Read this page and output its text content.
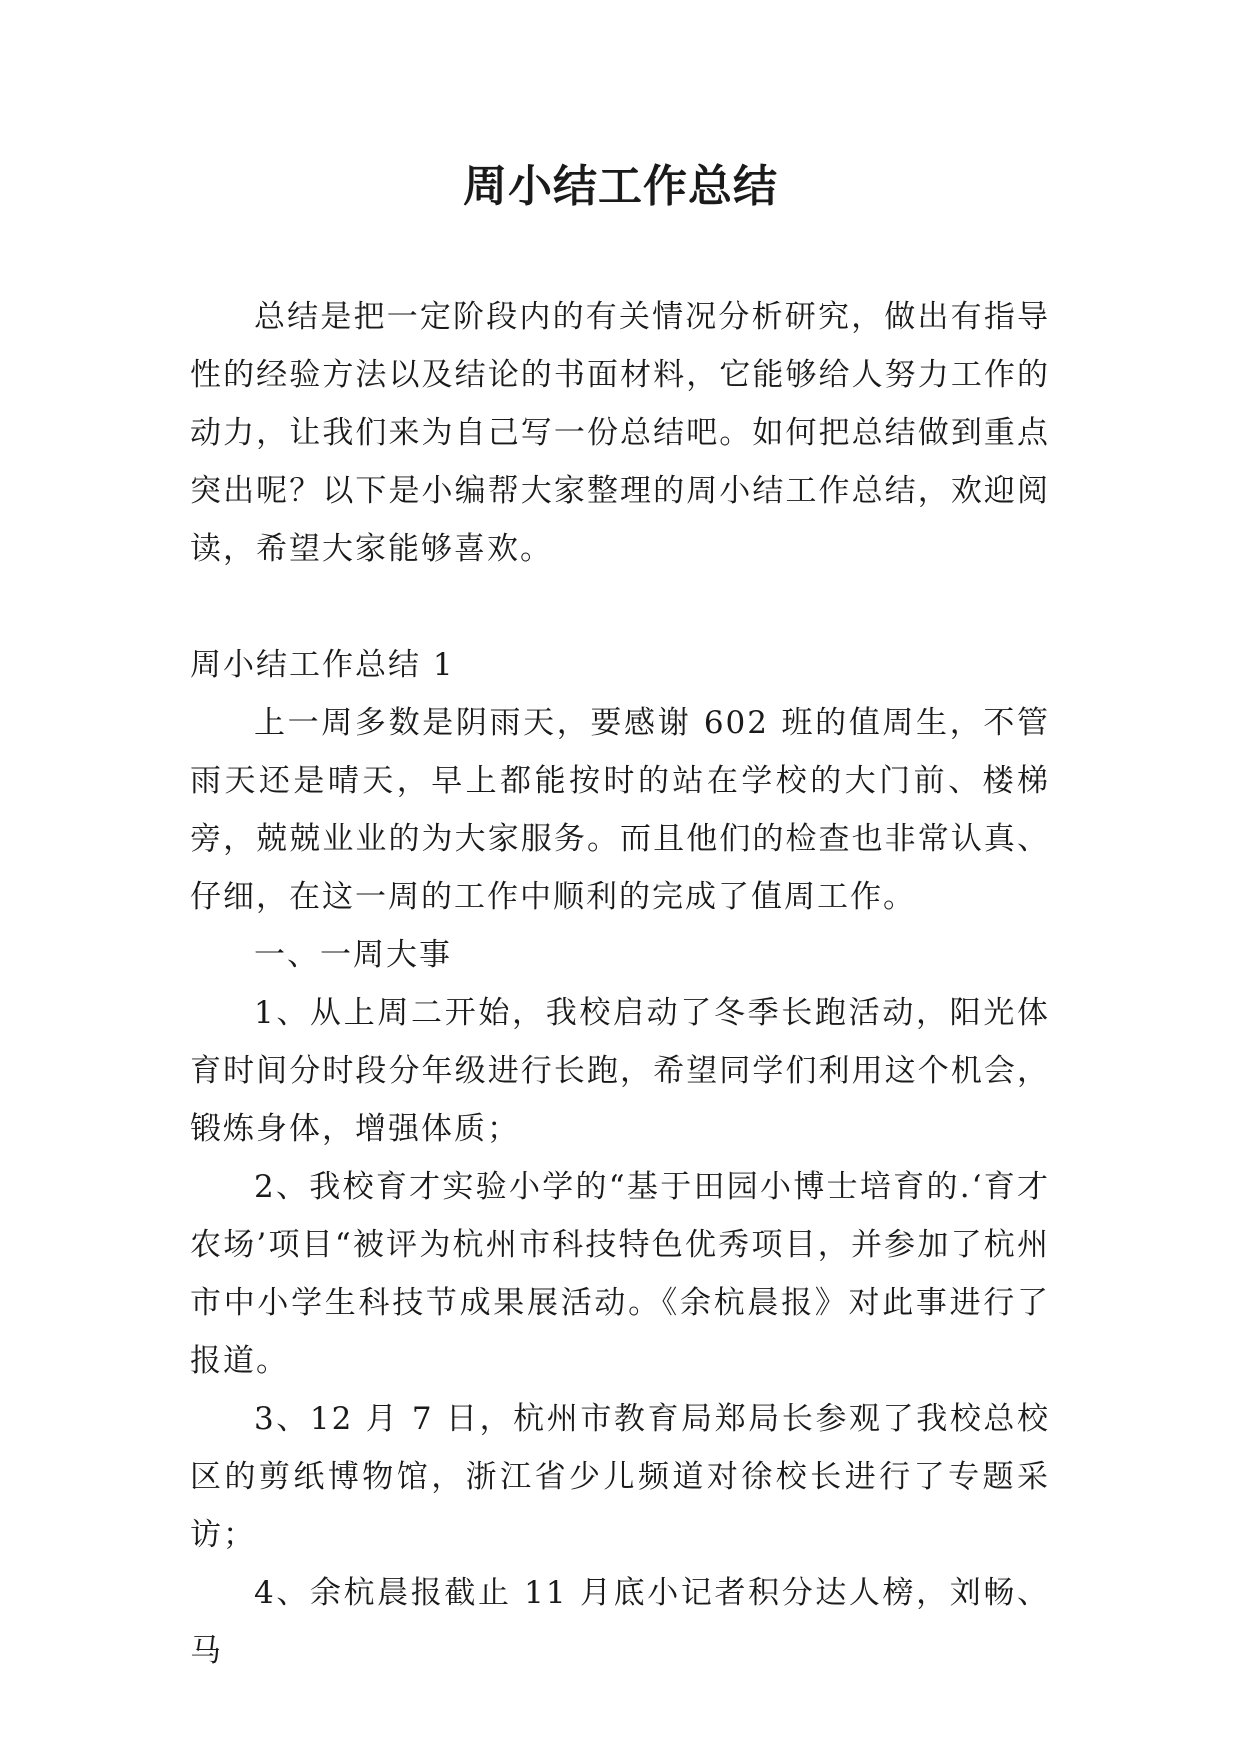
周小结工作总结

总结是把一定阶段内的有关情况分析研究，做出有指导性的经验方法以及结论的书面材料，它能够给人努力工作的动力，让我们来为自己写一份总结吧。如何把总结做到重点突出呢？以下是小编帮大家整理的周小结工作总结，欢迎阅读，希望大家能够喜欢。

周小结工作总结 1

上一周多数是阴雨天，要感谢 602 班的值周生，不管雨天还是晴天，早上都能按时的站在学校的大门前、楼梯旁，兢兢业业的为大家服务。而且他们的检查也非常认真、仔细，在这一周的工作中顺利的完成了值周工作。

一、一周大事

1、从上周二开始，我校启动了冬季长跑活动，阳光体育时间分时段分年级进行长跑，希望同学们利用这个机会，锻炼身体，增强体质；

2、我校育才实验小学的“基于田园小博士培育的.‘育才农场’项目“被评为杭州市科技特色优秀项目，并参加了杭州市中小学生科技节成果展活动。《余杭晨报》对此事进行了报道。

3、12 月 7 日，杭州市教育局郑局长参观了我校总校区的剪纸博物馆，浙江省少儿频道对徐校长进行了专题采访；

4、余杭晨报截止 11 月底小记者积分达人榜，刘畅、马
